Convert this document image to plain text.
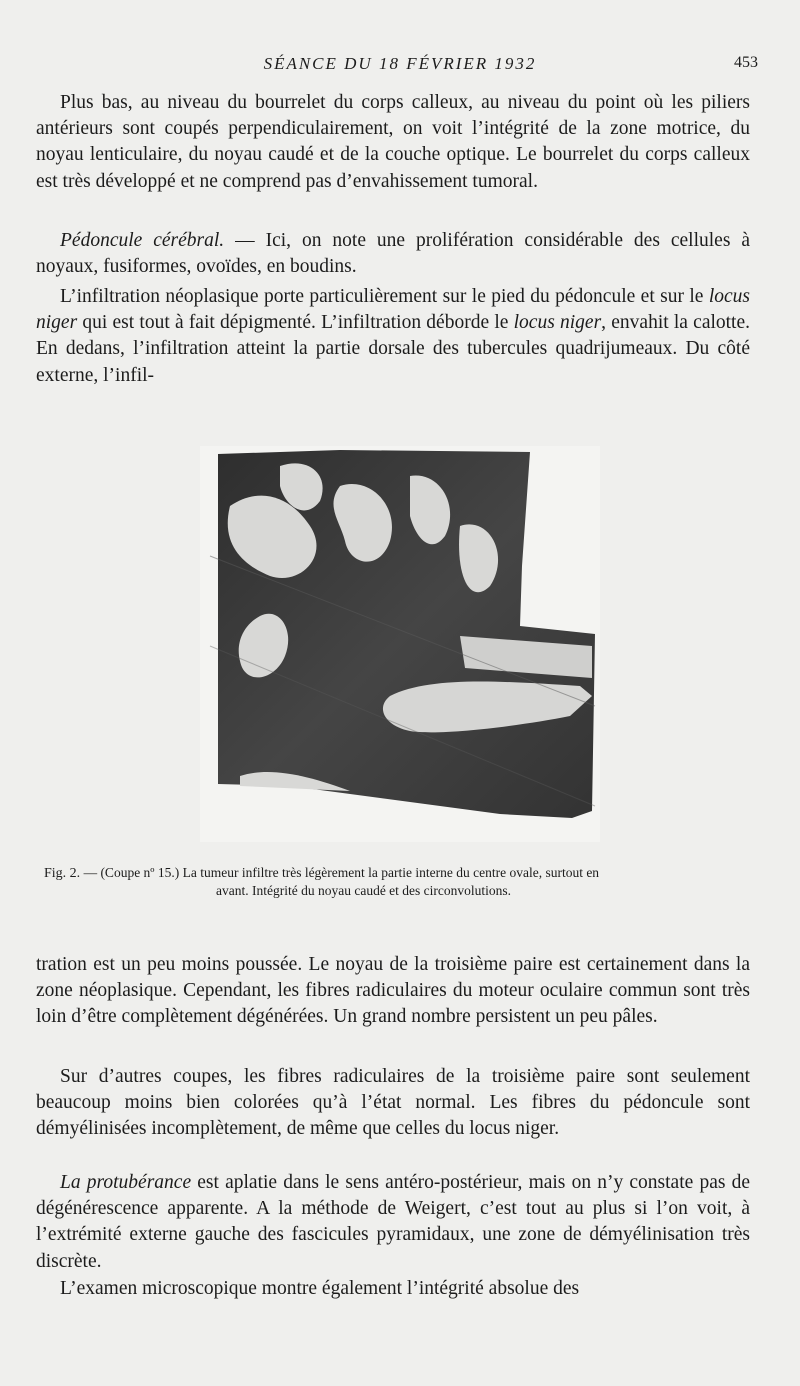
SÉANCE DU 18 FÉVRIER 1932	453

Plus bas, au niveau du bourrelet du corps calleux, au niveau du point où les piliers antérieurs sont coupés perpendiculairement, on voit l’intégrité de la zone motrice, du noyau lenticulaire, du noyau caudé et de la couche optique. Le bourrelet du corps calleux est très développé et ne comprend pas d’envahissement tumoral.

Pédoncule cérébral. — Ici, on note une prolifération considérable des cellules à noyaux, fusiformes, ovoïdes, en boudins.

L’infiltration néoplasique porte particulièrement sur le pied du pédoncule et sur le locus niger qui est tout à fait dépigmenté. L’infiltration déborde le locus niger, envahit la calotte. En dedans, l’infiltration atteint la partie dorsale des tubercules quadrijumeaux. Du côté externe, l’infil-

Fig. 2. — (Coupe nº 15.) La tumeur infiltre très légèrement la partie interne du centre ovale, surtout en
avant. Intégrité du noyau caudé et des circonvolutions.

tration est un peu moins poussée. Le noyau de la troisième paire est certainement dans la zone néoplasique. Cependant, les fibres radiculaires du moteur oculaire commun sont très loin d’être complètement dégénérées. Un grand nombre persistent un peu pâles.

Sur d’autres coupes, les fibres radiculaires de la troisième paire sont seulement beaucoup moins bien colorées qu’à l’état normal. Les fibres du pédoncule sont démyélinisées incomplètement, de même que celles du locus niger.

La protubérance est aplatie dans le sens antéro-postérieur, mais on n’y constate pas de dégénérescence apparente. A la méthode de Weigert, c’est tout au plus si l’on voit, à l’extrémité externe gauche des fascicules pyramidaux, une zone de démyélinisation très discrète.

L’examen microscopique montre également l’intégrité absolue des
